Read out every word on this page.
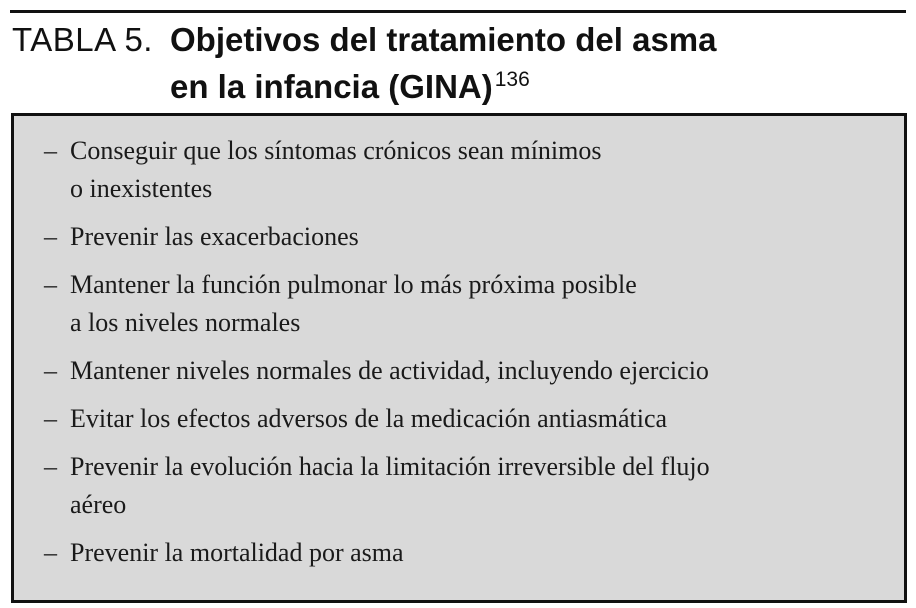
TABLA 5. Objetivos del tratamiento del asma
en la infancia (GINA)$^{136}$
– Conseguir que los síntomas crónicos sean mínimos
o inexistentes
– Prevenir las exacerbaciones
– Mantener la función pulmonar lo más próxima posible
a los niveles normales
– Mantener niveles normales de actividad, incluyendo ejercicio
– Evitar los efectos adversos de la medicación antiasmática
– Prevenir la evolución hacia la limitación irreversible del flujo
aéreo
– Prevenir la mortalidad por asma
